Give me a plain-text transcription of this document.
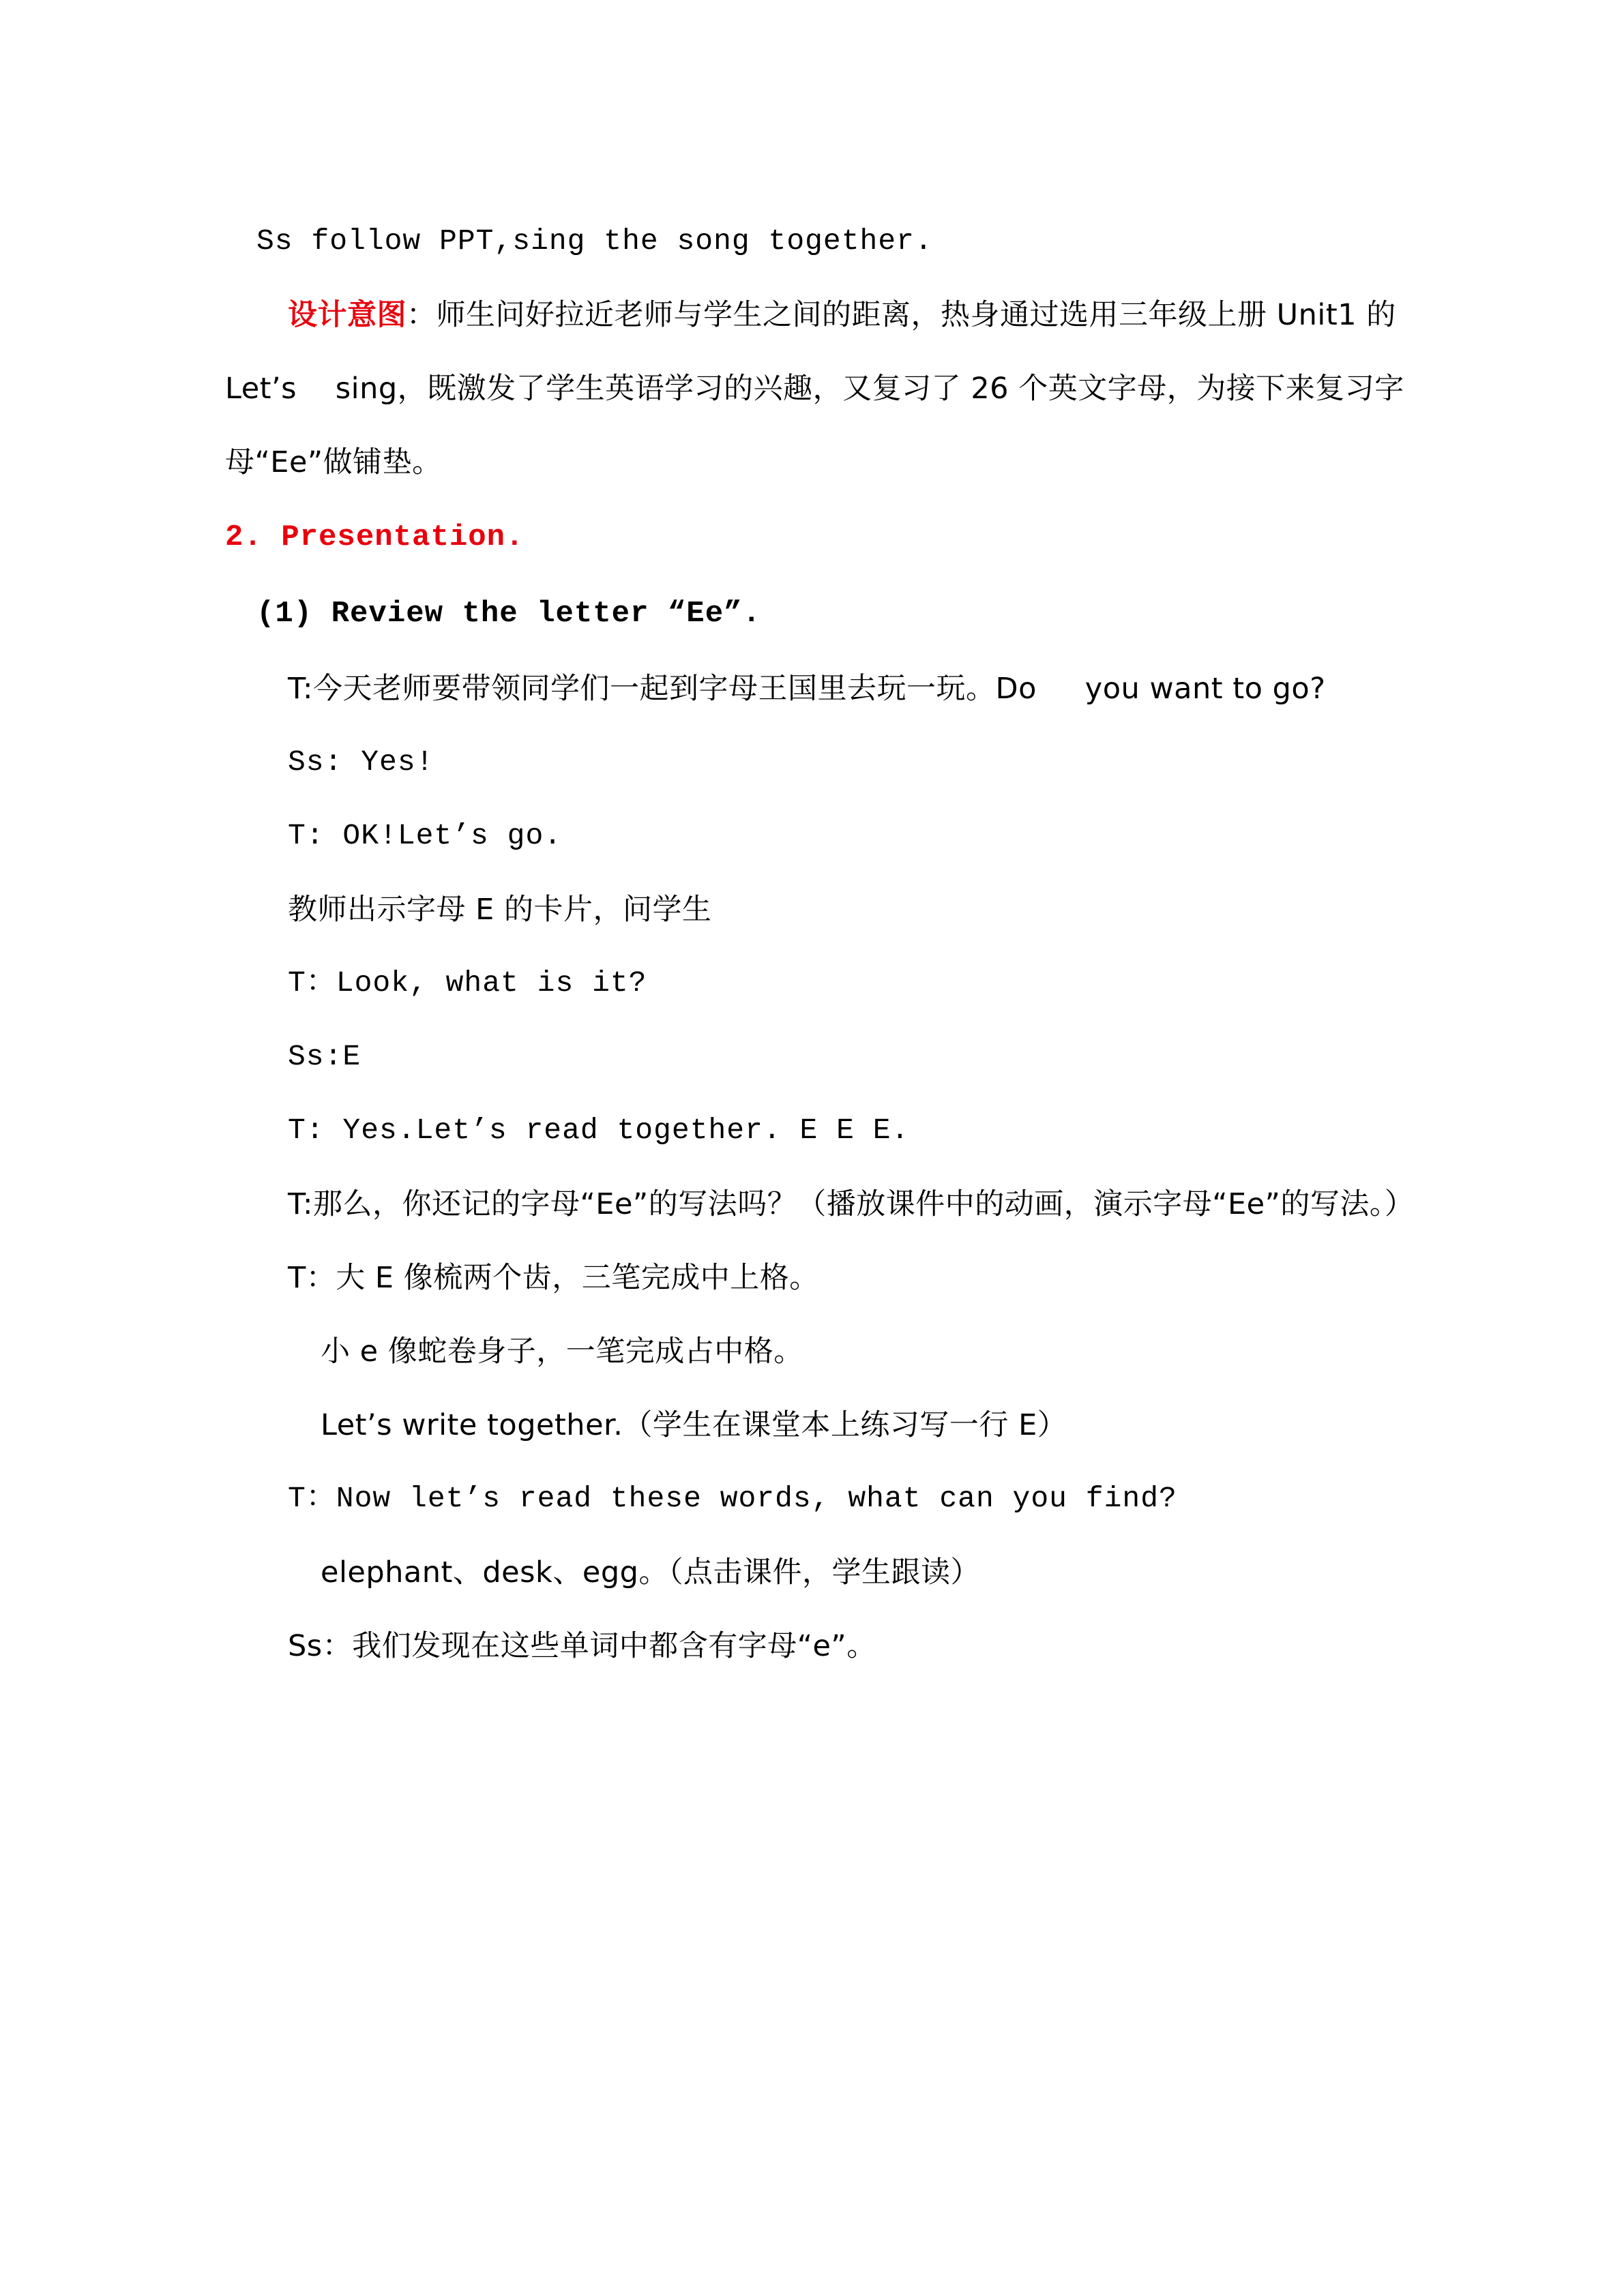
Ss follow PPT,sing the song together.

设计意图：师生问好拉近老师与学生之间的距离，热身通过选用三年级上册 Unit1 的 Let’s    sing，既激发了学生英语学习的兴趣，又复习了 26 个英文字母，为接下来复习字母“Ee”做铺垫。

2. Presentation.

(1) Review the letter “Ee”.

T:今天老师要带领同学们一起到字母王国里去玩一玩。Do     you want to go?

Ss: Yes!

T: OK!Let’s go.

教师出示字母 E 的卡片，问学生

T：Look, what is it?

Ss:E

T: Yes.Let’s read together. E E E.

T:那么，你还记的字母“Ee”的写法吗？（播放课件中的动画，演示字母“Ee”的写法。）

T：大 E 像梳两个齿，三笔完成中上格。

小 e 像蛇卷身子，一笔完成占中格。

Let’s write together.（学生在课堂本上练习写一行 E）

T：Now let’s read these words, what can you find?

elephant、desk、egg。（点击课件，学生跟读）

Ss：我们发现在这些单词中都含有字母“e”。
